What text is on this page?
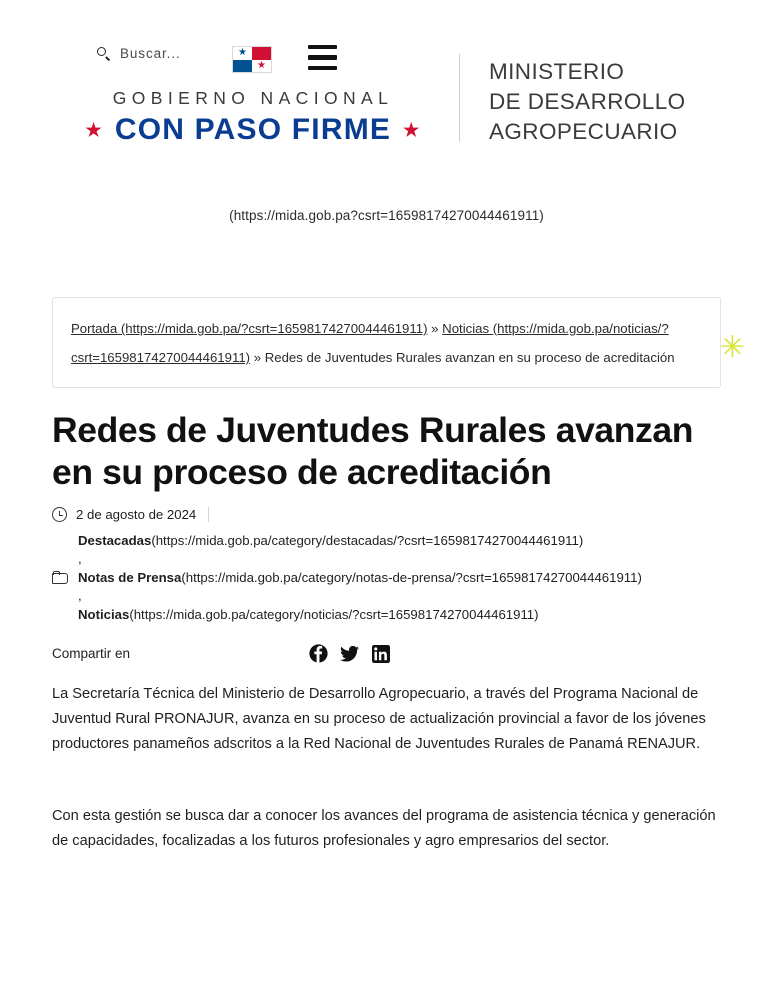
Buscar...
★
★
GOBIERNO NACIONAL
★ CON PASO FIRME ★
MINISTERIO
DE DESARROLLO
AGROPECUARIO
(https://mida.gob.pa?csrt=16598174270044461911)
Portada (https://mida.gob.pa/?csrt=16598174270044461911) » Noticias (https://mida.gob.pa/noticias/?csrt=16598174270044461911) » Redes de Juventudes Rurales avanzan en su proceso de acreditación	✳
Redes de Juventudes Rurales avanzan en su proceso de acreditación
2 de agosto de 2024
Destacadas(https://mida.gob.pa/category/destacadas/?csrt=16598174270044461911)
,
Notas de Prensa(https://mida.gob.pa/category/notas-de-prensa/?csrt=16598174270044461911)
,
Noticias(https://mida.gob.pa/category/noticias/?csrt=16598174270044461911)
Compartir en

La Secretaría Técnica del Ministerio de Desarrollo Agropecuario, a través del Programa Nacional de Juventud Rural PRONAJUR, avanza en su proceso de actualización provincial a favor de los jóvenes productores panameños adscritos a la Red Nacional de Juventudes Rurales de Panamá RENAJUR.

Con esta gestión se busca dar a conocer los avances del programa de asistencia técnica y generación de capacidades, focalizadas a los futuros profesionales y agro empresarios del sector.
